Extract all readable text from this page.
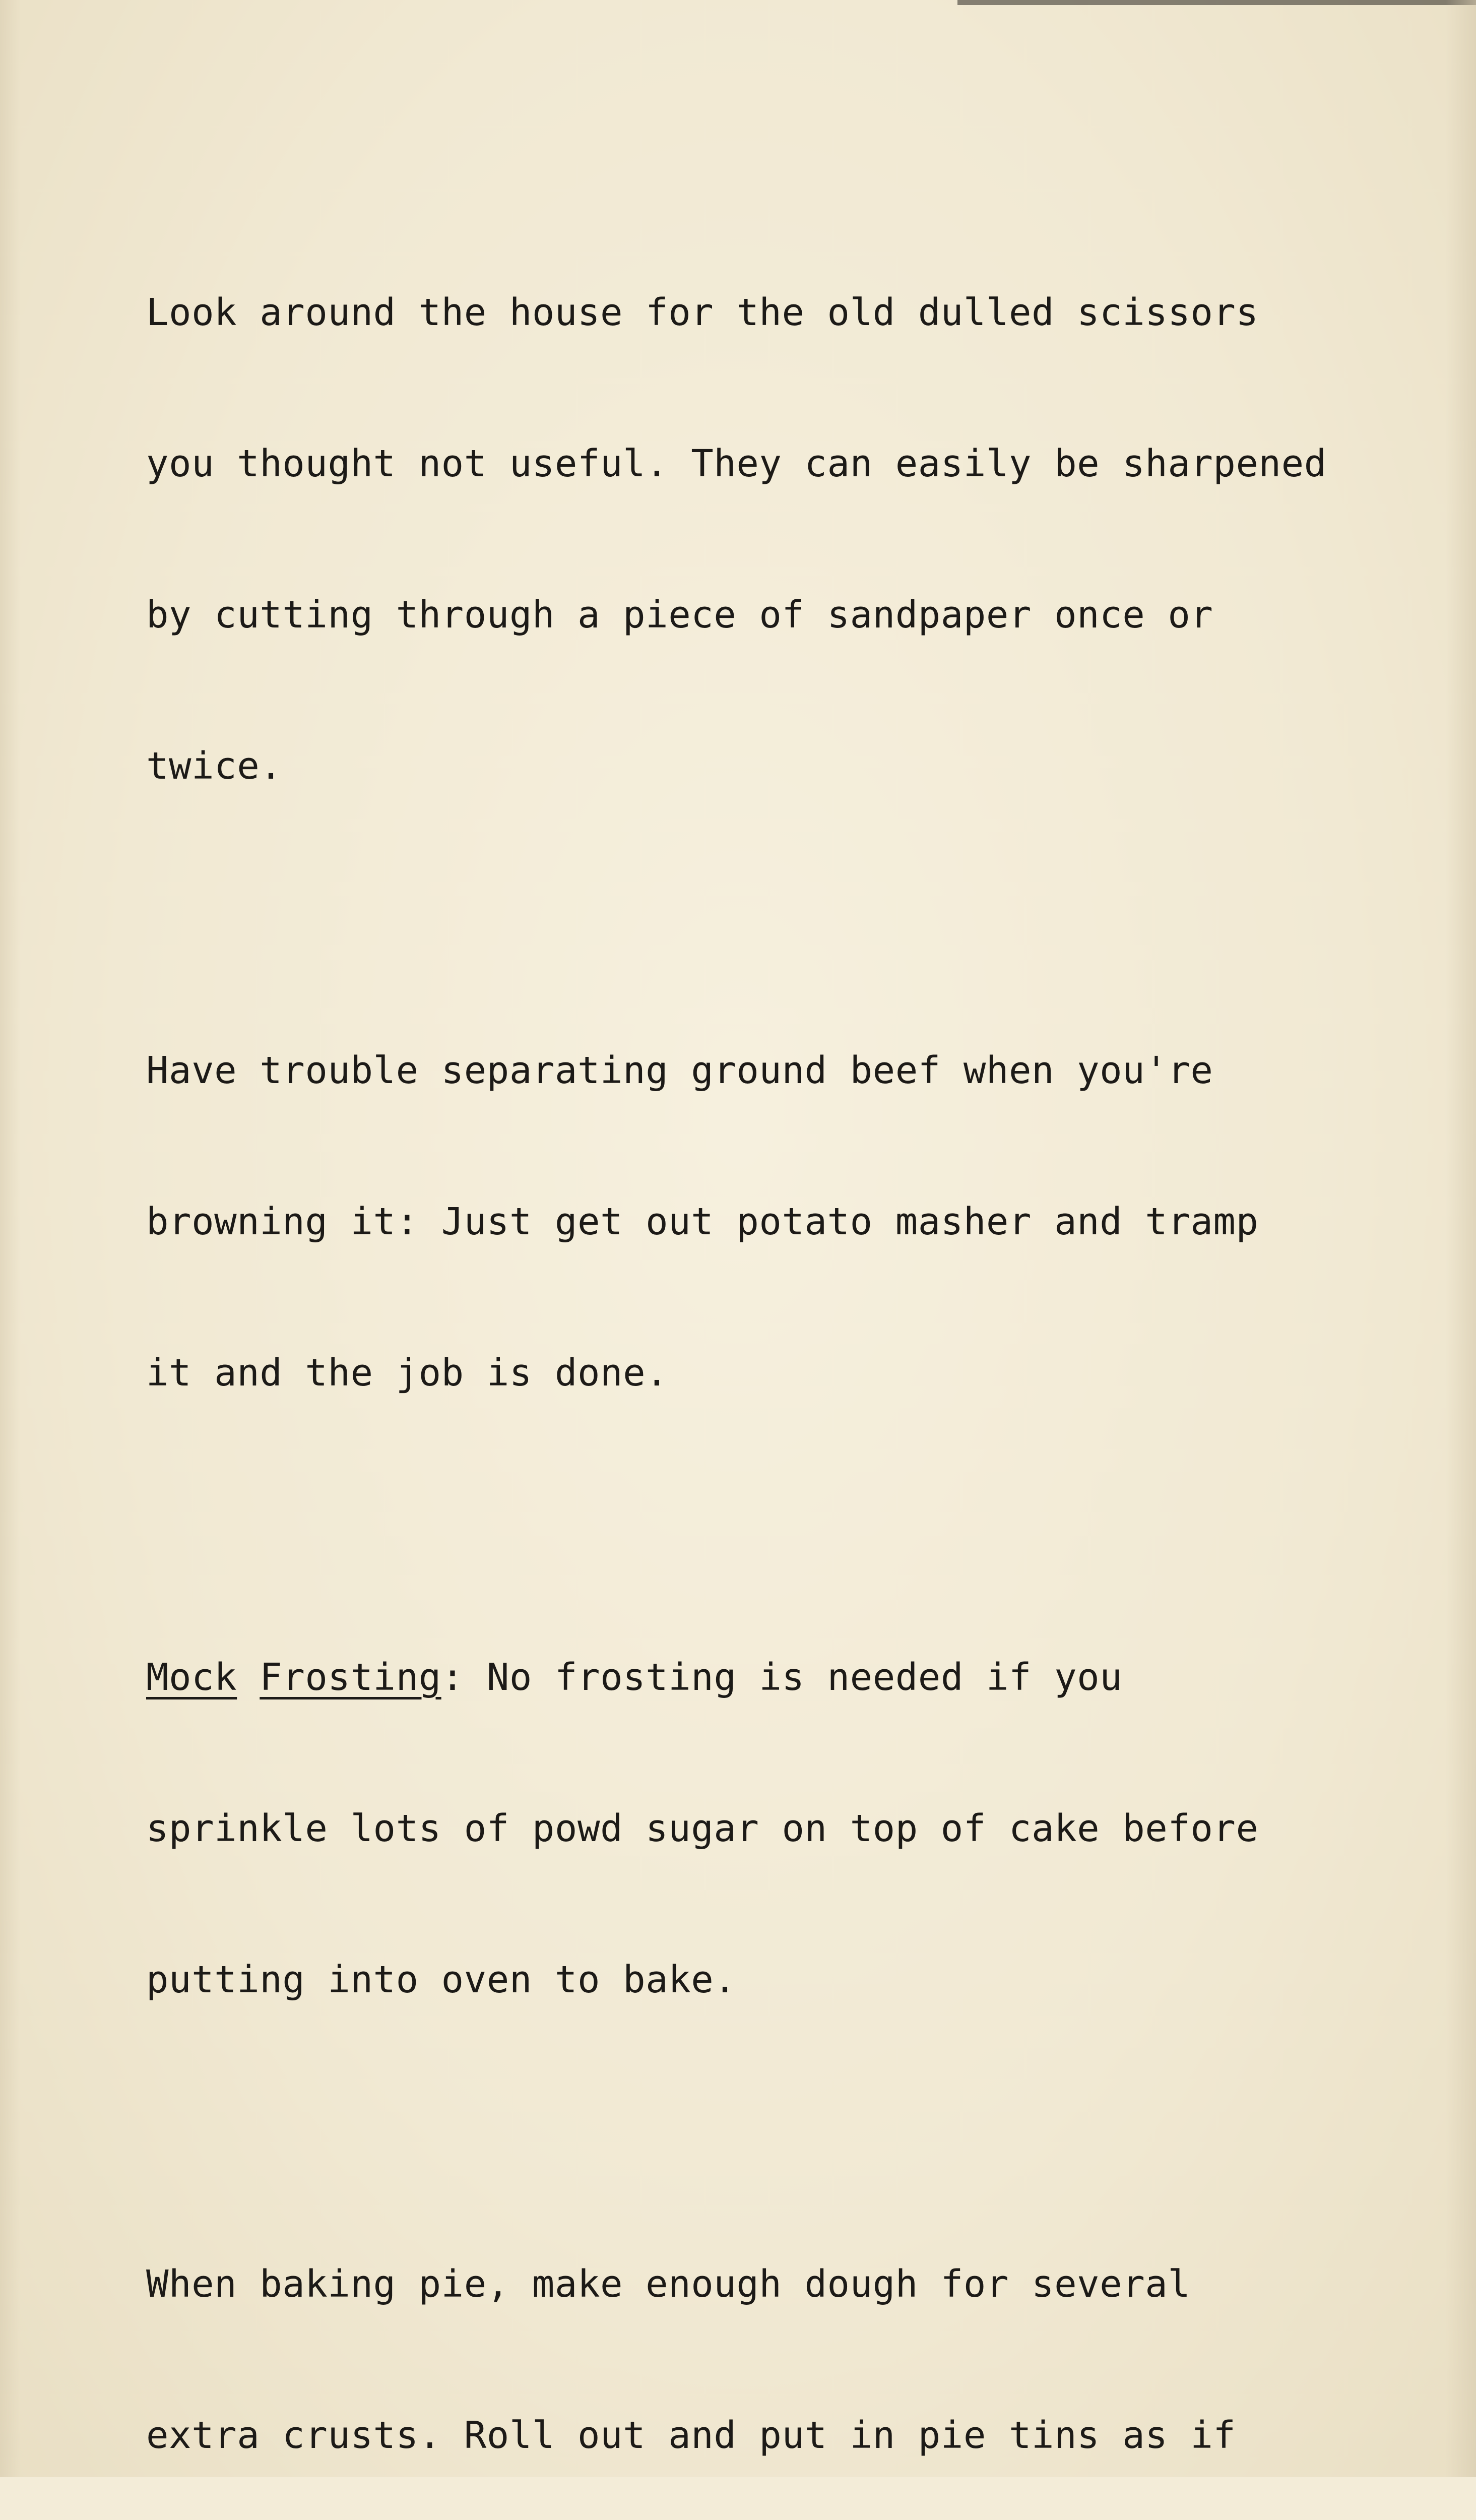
Look around the house for the old dulled scissors

you thought not useful. They can easily be sharpened

by cutting through a piece of sandpaper once or

twice.

Have trouble separating ground beef when you're

browning it: Just get out potato masher and tramp

it and the job is done.

Mock Frosting: No frosting is needed if you

sprinkle lots of powd sugar on top of cake before

putting into oven to bake.

When baking pie, make enough dough for several

extra crusts. Roll out and put in pie tins as if
